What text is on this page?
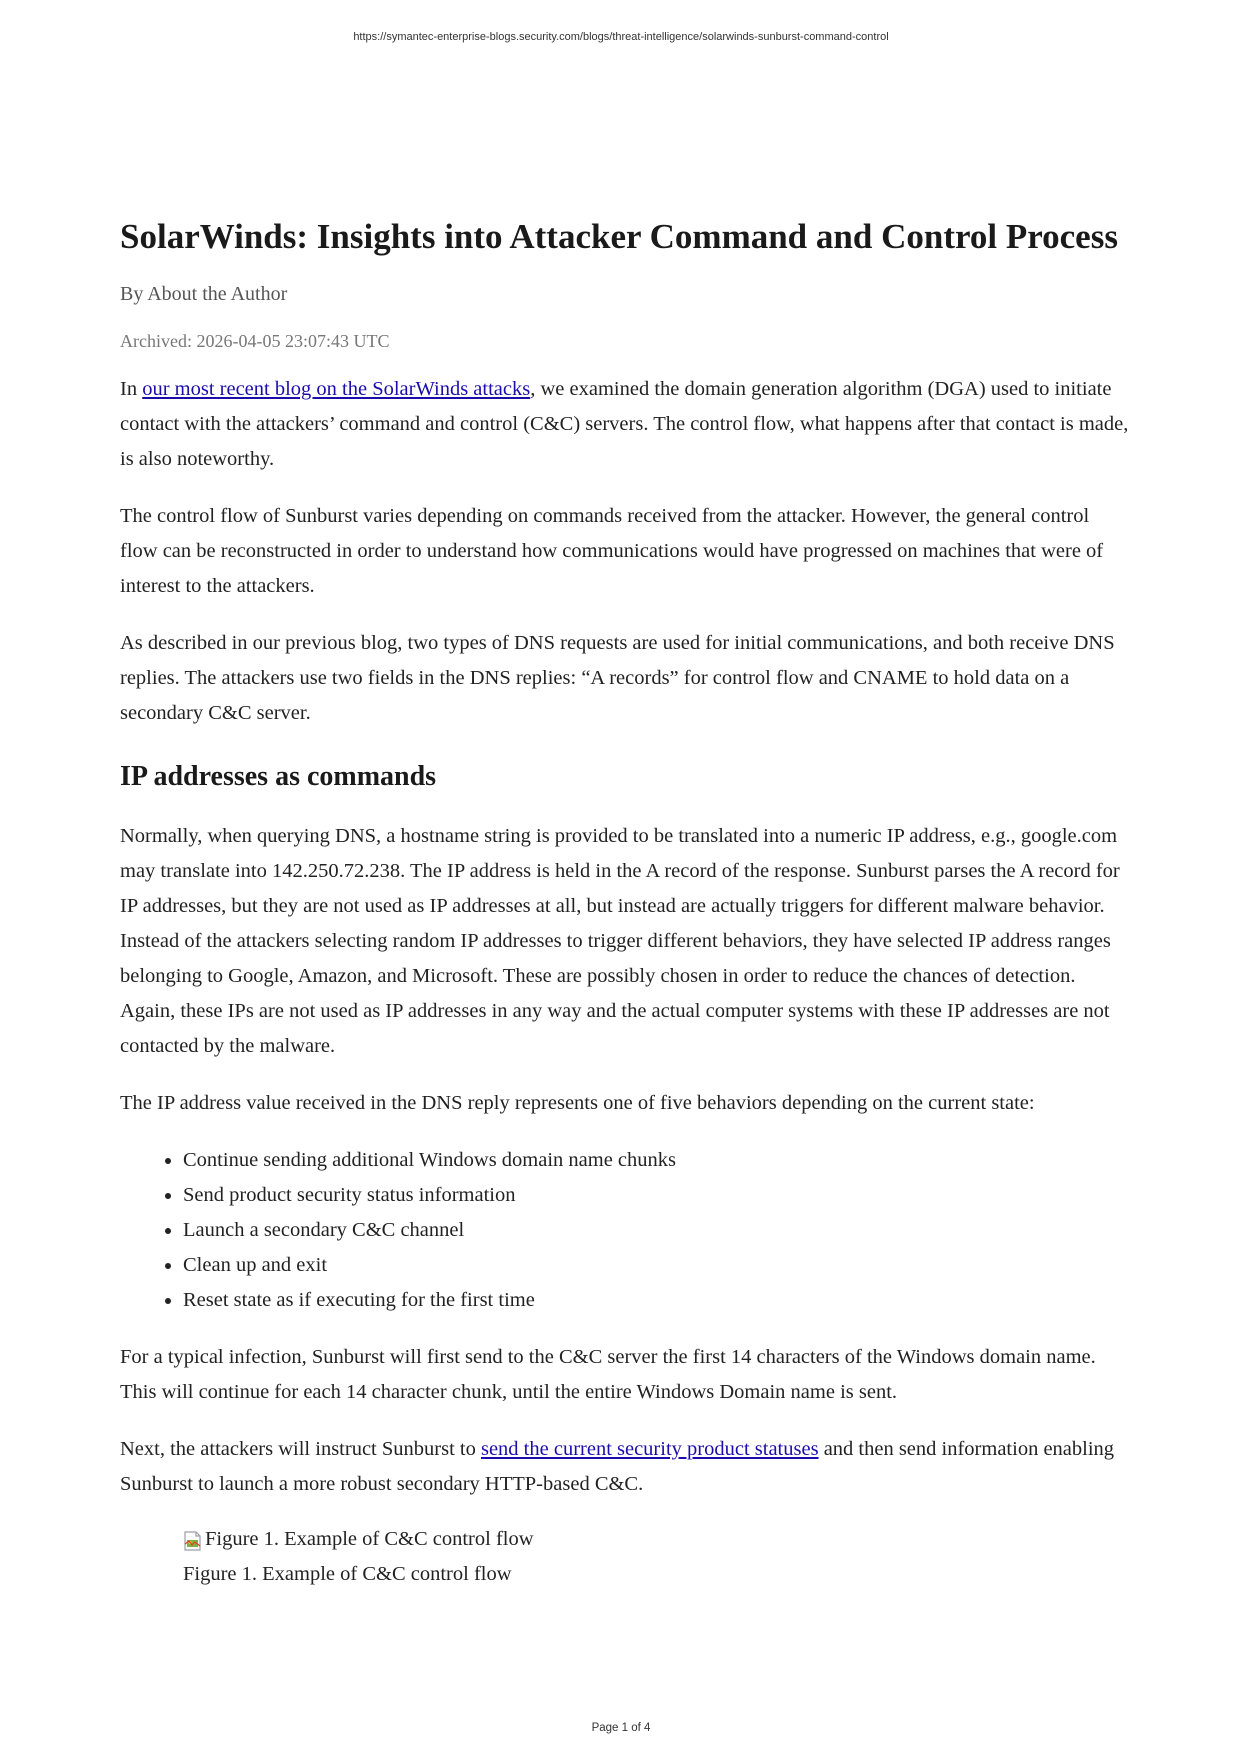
https://symantec-enterprise-blogs.security.com/blogs/threat-intelligence/solarwinds-sunburst-command-control
SolarWinds: Insights into Attacker Command and Control Process
By About the Author
Archived: 2026-04-05 23:07:43 UTC

In our most recent blog on the SolarWinds attacks, we examined the domain generation algorithm (DGA) used to initiate contact with the attackers’ command and control (C&C) servers. The control flow, what happens after that contact is made, is also noteworthy.

The control flow of Sunburst varies depending on commands received from the attacker. However, the general control flow can be reconstructed in order to understand how communications would have progressed on machines that were of interest to the attackers.

As described in our previous blog, two types of DNS requests are used for initial communications, and both receive DNS replies. The attackers use two fields in the DNS replies: “A records” for control flow and CNAME to hold data on a secondary C&C server.

IP addresses as commands

Normally, when querying DNS, a hostname string is provided to be translated into a numeric IP address, e.g., google.com may translate into 142.250.72.238. The IP address is held in the A record of the response. Sunburst parses the A record for IP addresses, but they are not used as IP addresses at all, but instead are actually triggers for different malware behavior. Instead of the attackers selecting random IP addresses to trigger different behaviors, they have selected IP address ranges belonging to Google, Amazon, and Microsoft. These are possibly chosen in order to reduce the chances of detection. Again, these IPs are not used as IP addresses in any way and the actual computer systems with these IP addresses are not contacted by the malware.

The IP address value received in the DNS reply represents one of five behaviors depending on the current state:

• Continue sending additional Windows domain name chunks
• Send product security status information
• Launch a secondary C&C channel
• Clean up and exit
• Reset state as if executing for the first time

For a typical infection, Sunburst will first send to the C&C server the first 14 characters of the Windows domain name. This will continue for each 14 character chunk, until the entire Windows Domain name is sent.

Next, the attackers will instruct Sunburst to send the current security product statuses and then send information enabling Sunburst to launch a more robust secondary HTTP-based C&C.

Figure 1. Example of C&C control flow
Figure 1. Example of C&C control flow
Page 1 of 4
